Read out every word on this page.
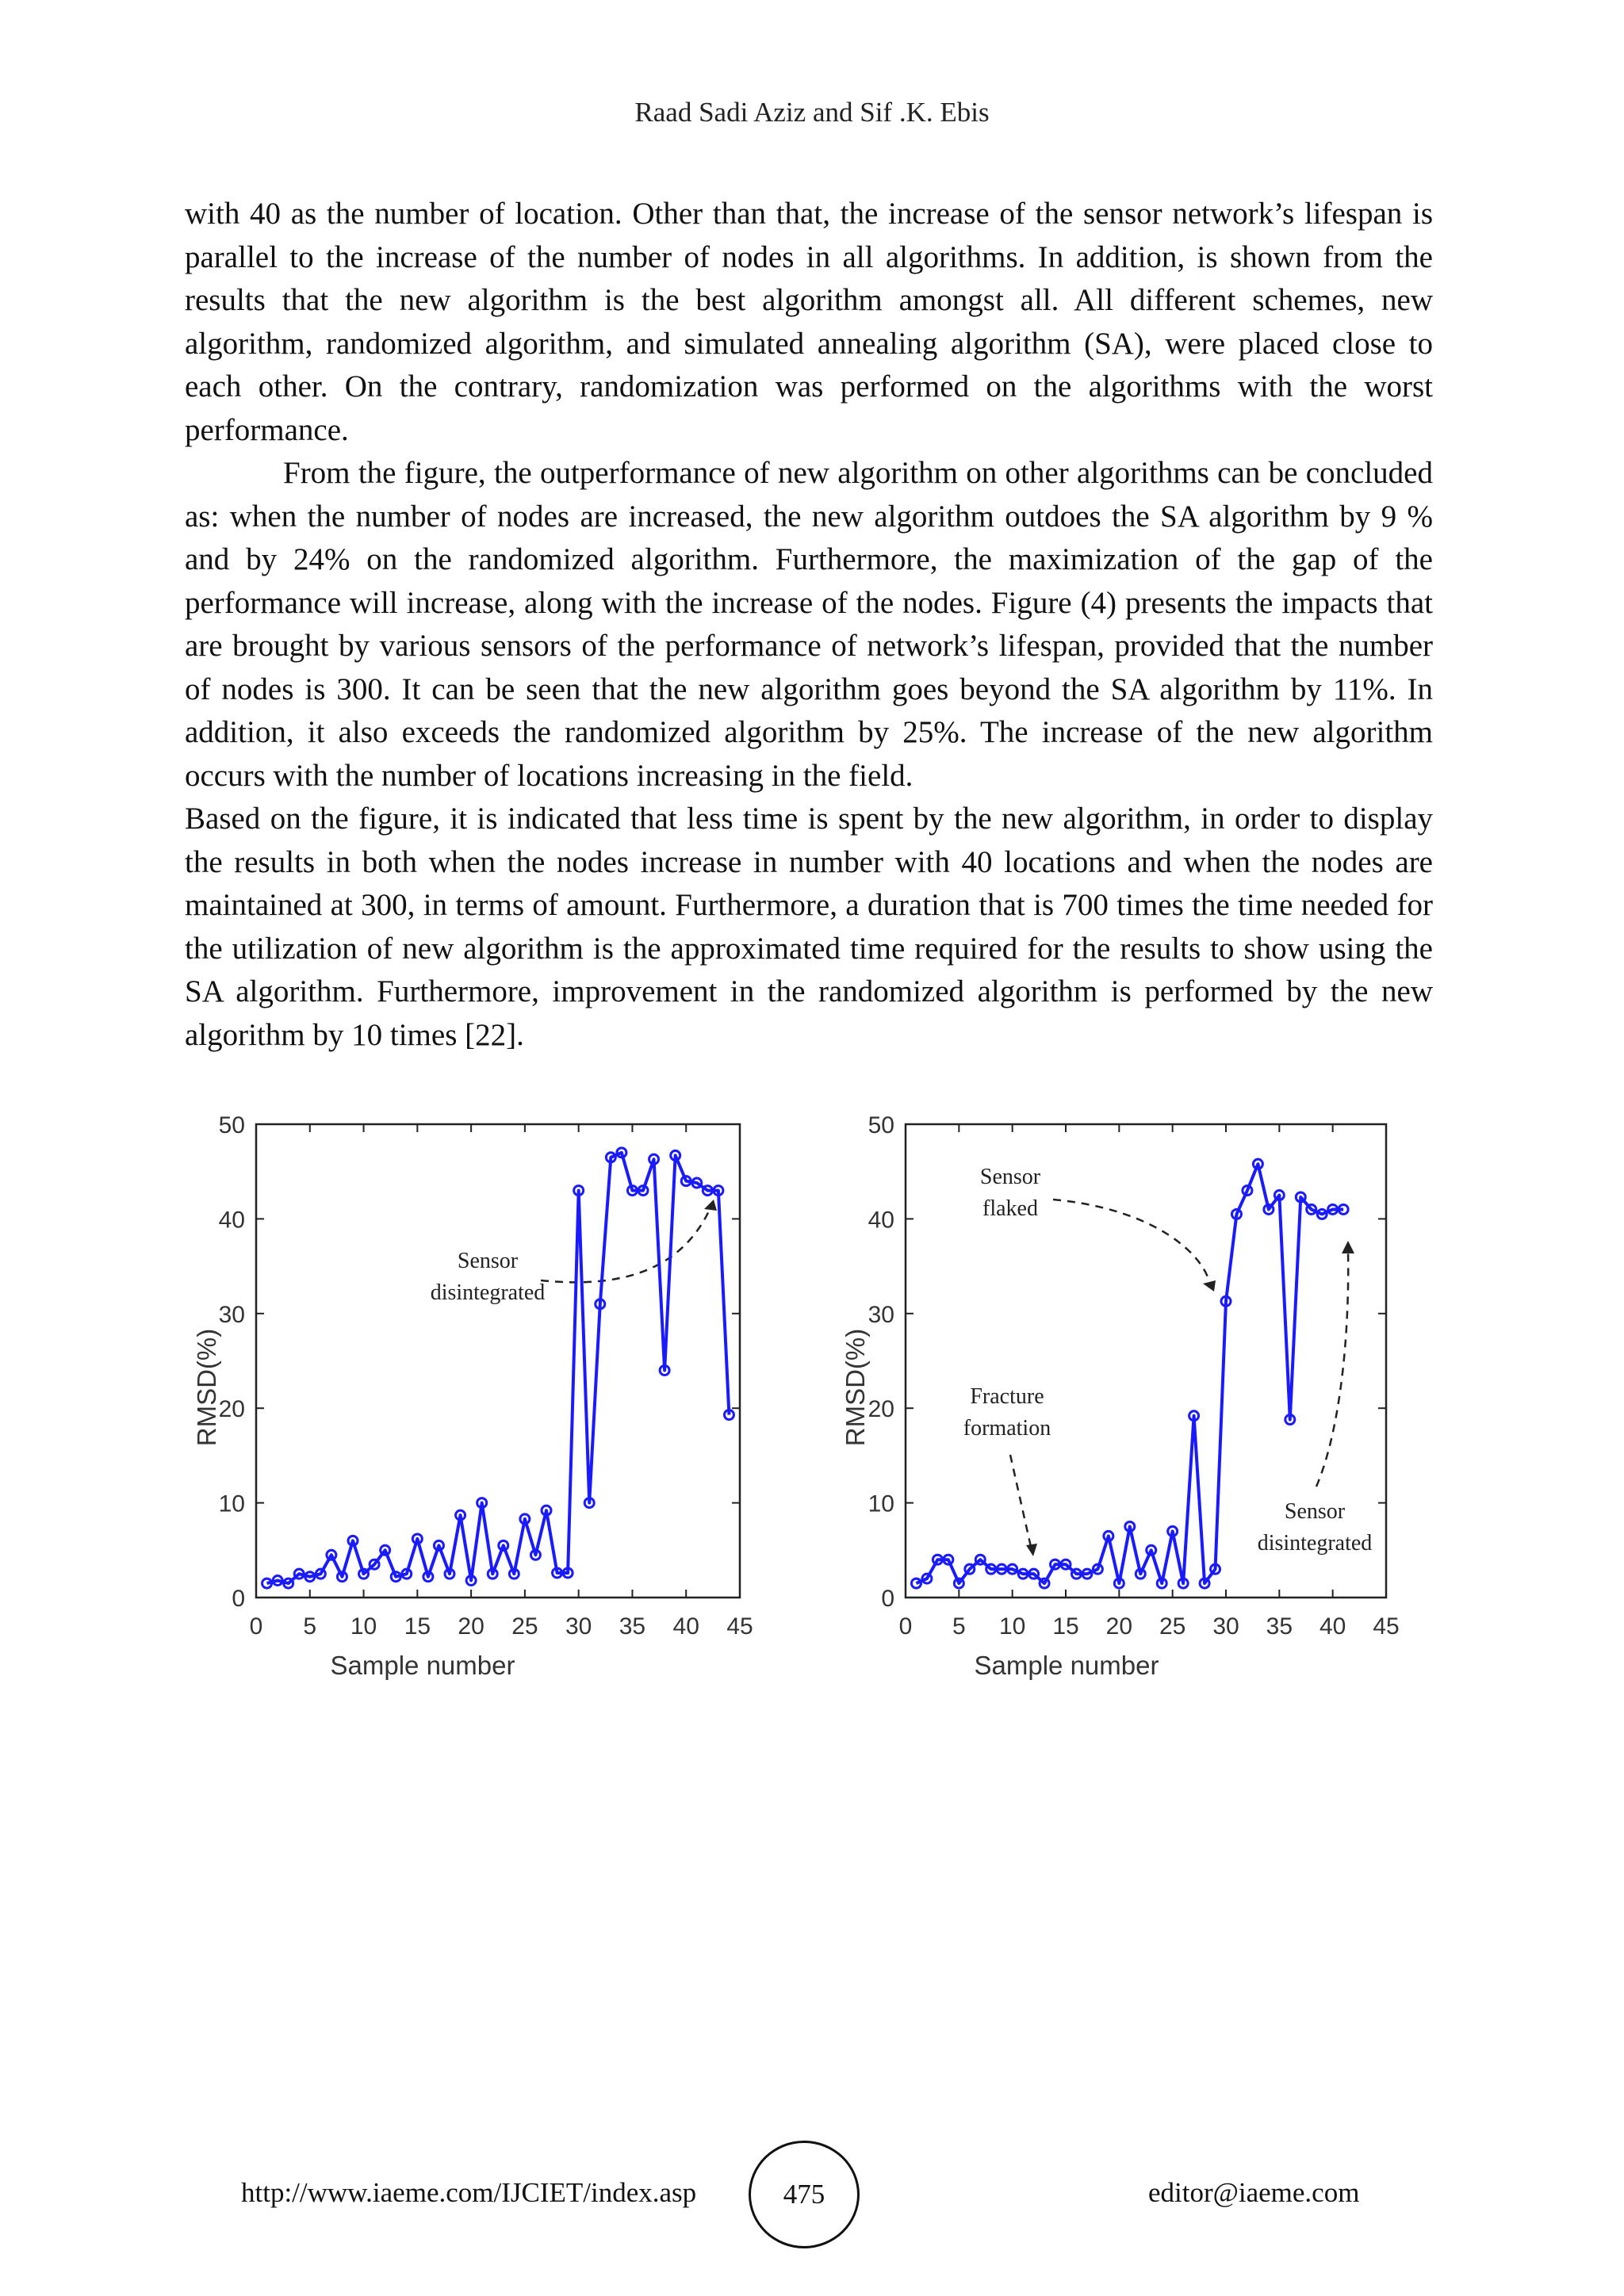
Raad Sadi Aziz and Sif .K. Ebis

with 40 as the number of location. Other than that, the increase of the sensor network’s lifespan is parallel to the increase of the number of nodes in all algorithms. In addition, is shown from the results that the new algorithm is the best algorithm amongst all. All different schemes, new algorithm, randomized algorithm, and simulated annealing algorithm (SA), were placed close to each other. On the contrary, randomization was performed on the algorithms with the worst performance.

From the figure, the outperformance of new algorithm on other algorithms can be concluded as: when the number of nodes are increased, the new algorithm outdoes the SA algorithm by 9 % and by 24% on the randomized algorithm. Furthermore, the maximization of the gap of the performance will increase, along with the increase of the nodes. Figure (4) presents the impacts that are brought by various sensors of the performance of network’s lifespan, provided that the number of nodes is 300. It can be seen that the new algorithm goes beyond the SA algorithm by 11%. In addition, it also exceeds the randomized algorithm by 25%. The increase of the new algorithm occurs with the number of locations increasing in the field.

Based on the figure, it is indicated that less time is spent by the new algorithm, in order to display the results in both when the nodes increase in number with 40 locations and when the nodes are maintained at 300, in terms of amount. Furthermore, a duration that is 700 times the time needed for the utilization of new algorithm is the approximated time required for the results to show using the SA algorithm. Furthermore, improvement in the randomized algorithm is performed by the new algorithm by 10 times [22].

0 5 10 15 20 25 30 35 40 45
0
10
20
30
40
50
RMSD(%)
Sample number
Sensor
disintegrated
0 5 10 15 20 25 30 35 40 45
0
10
20
30
40
50
RMSD(%)
Sample number
Sensor
flaked
Fracture
formation
Sensor
disintegrated
http://www.iaeme.com/IJCIET/index.asp	475	editor@iaeme.com
